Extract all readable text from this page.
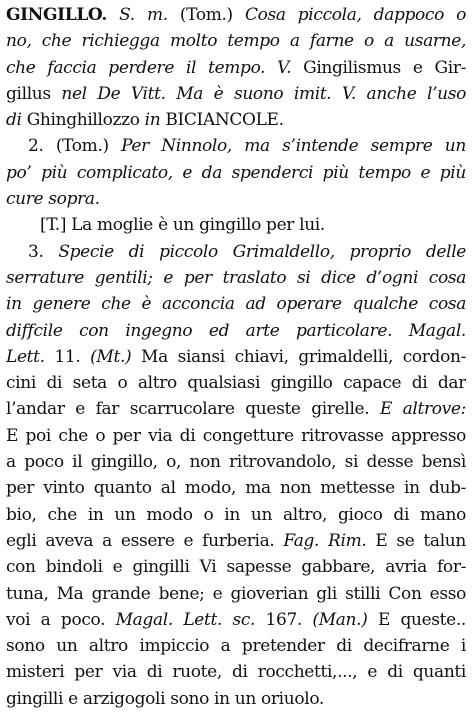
GINGILLO. S. m. (Tom.) Cosa piccola, dappoco o
no, che richiegga molto tempo a farne o a usarne,
che faccia perdere il tempo. V. Gingilismus e Gir-
gillus nel De Vitt. Ma è suono imit. V. anche l’uso
di Ghinghillozzo in BICIANCOLE.
2. (Tom.) Per Ninnolo, ma s’intende sempre un
po’ più complicato, e da spenderci più tempo e più
cure sopra.
[T.] La moglie è un gingillo per lui.
3. Specie di piccolo Grimaldello, proprio delle
serrature gentili; e per traslato si dice d’ogni cosa
in genere che è acconcia ad operare qualche cosa
diffcile con ingegno ed arte particolare. Magal.
Lett. 11. (Mt.) Ma siansi chiavi, grimaldelli, cordon-
cini di seta o altro qualsiasi gingillo capace di dar
l’andar e far scarrucolare queste girelle. E altrove:
E poi che o per via di congetture ritrovasse appresso
a poco il gingillo, o, non ritrovandolo, si desse bensì
per vinto quanto al modo, ma non mettesse in dub-
bio, che in un modo o in un altro, gioco di mano
egli aveva a essere e furberia. Fag. Rim. E se talun
con bindoli e gingilli Vi sapesse gabbare, avria for-
tuna, Ma grande bene; e gioverian gli stilli Con esso
voi a poco. Magal. Lett. sc. 167. (Man.) E queste..
sono un altro impiccio a pretender di decifrarne i
misteri per via di ruote, di rocchetti,..., e di quanti
gingilli e arzigogoli sono in un oriuolo.
